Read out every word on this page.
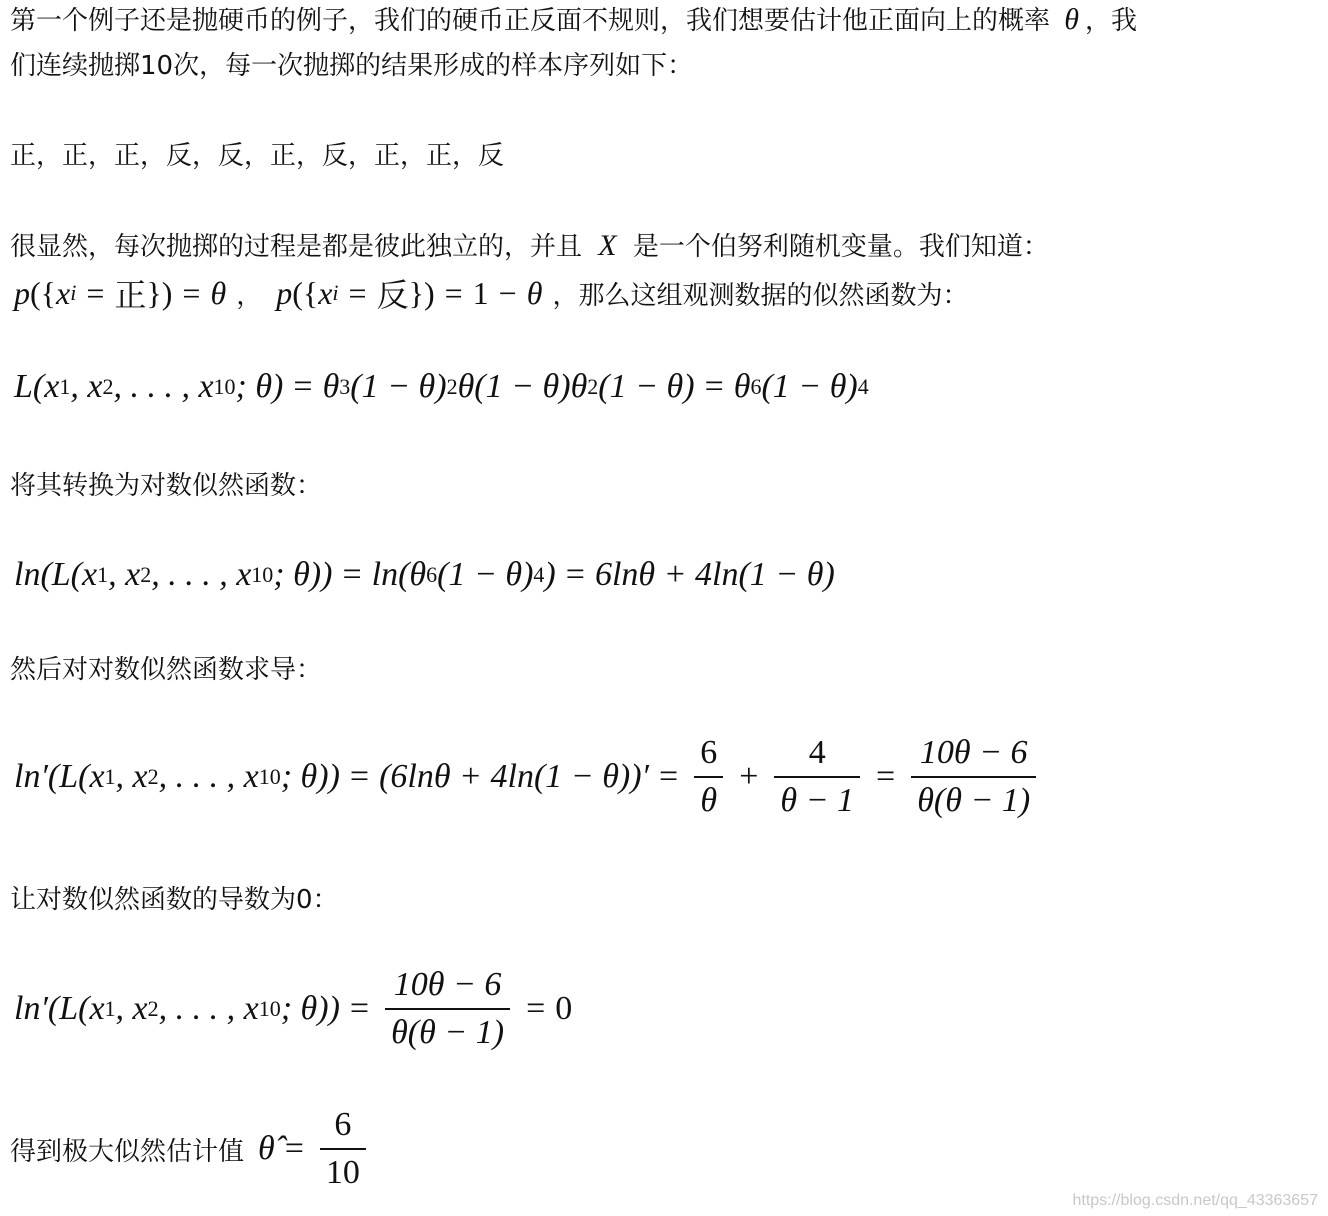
第一个例子还是抛硬币的例子，我们的硬币正反面不规则，我们想要估计他正面向上的概率 θ ，我
们连续抛掷10次，每一次抛掷的结果形成的样本序列如下：
正，正，正，反，反，正，反，正，正，反
很显然，每次抛掷的过程是都是彼此独立的，并且 X 是一个伯努利随机变量。我们知道：
p ({ x i = 正 }) = θ ， p ({ x i = 反 }) = 1 − θ ，那么这组观测数据的似然函数为：
L (x 1 , x 2 , . . . , x 10 ; θ) = θ 3 (1 − θ) 2 θ(1 − θ)θ 2 (1 − θ) = θ 6 (1 − θ) 4
将其转换为对数似然函数：
ln(L(x 1 , x 2 , . . . , x 10 ; θ)) = ln(θ 6 (1 − θ) 4 ) = 6lnθ + 4ln(1 − θ)
然后对对数似然函数求导：
ln′(L(x 1 , x 2 , . . . , x 10 ; $\theta)) = (6\ln\theta + 4\ln(1 - \theta))' = \frac{6}{\theta} + \frac{4}{\theta - 1} = \frac{10\theta - 6}{\theta(\theta - 1)}$
让对数似然函数的导数为0：
ln′(L(x 1 , x 2 , . . . , x 10 ; $\theta)) = \frac{10\theta - 6}{\theta(\theta - 1)} = 0$
得到极大似然估计值 θ̂ = $\frac{6}{10}$
https://blog.csdn.net/qq_43363657
